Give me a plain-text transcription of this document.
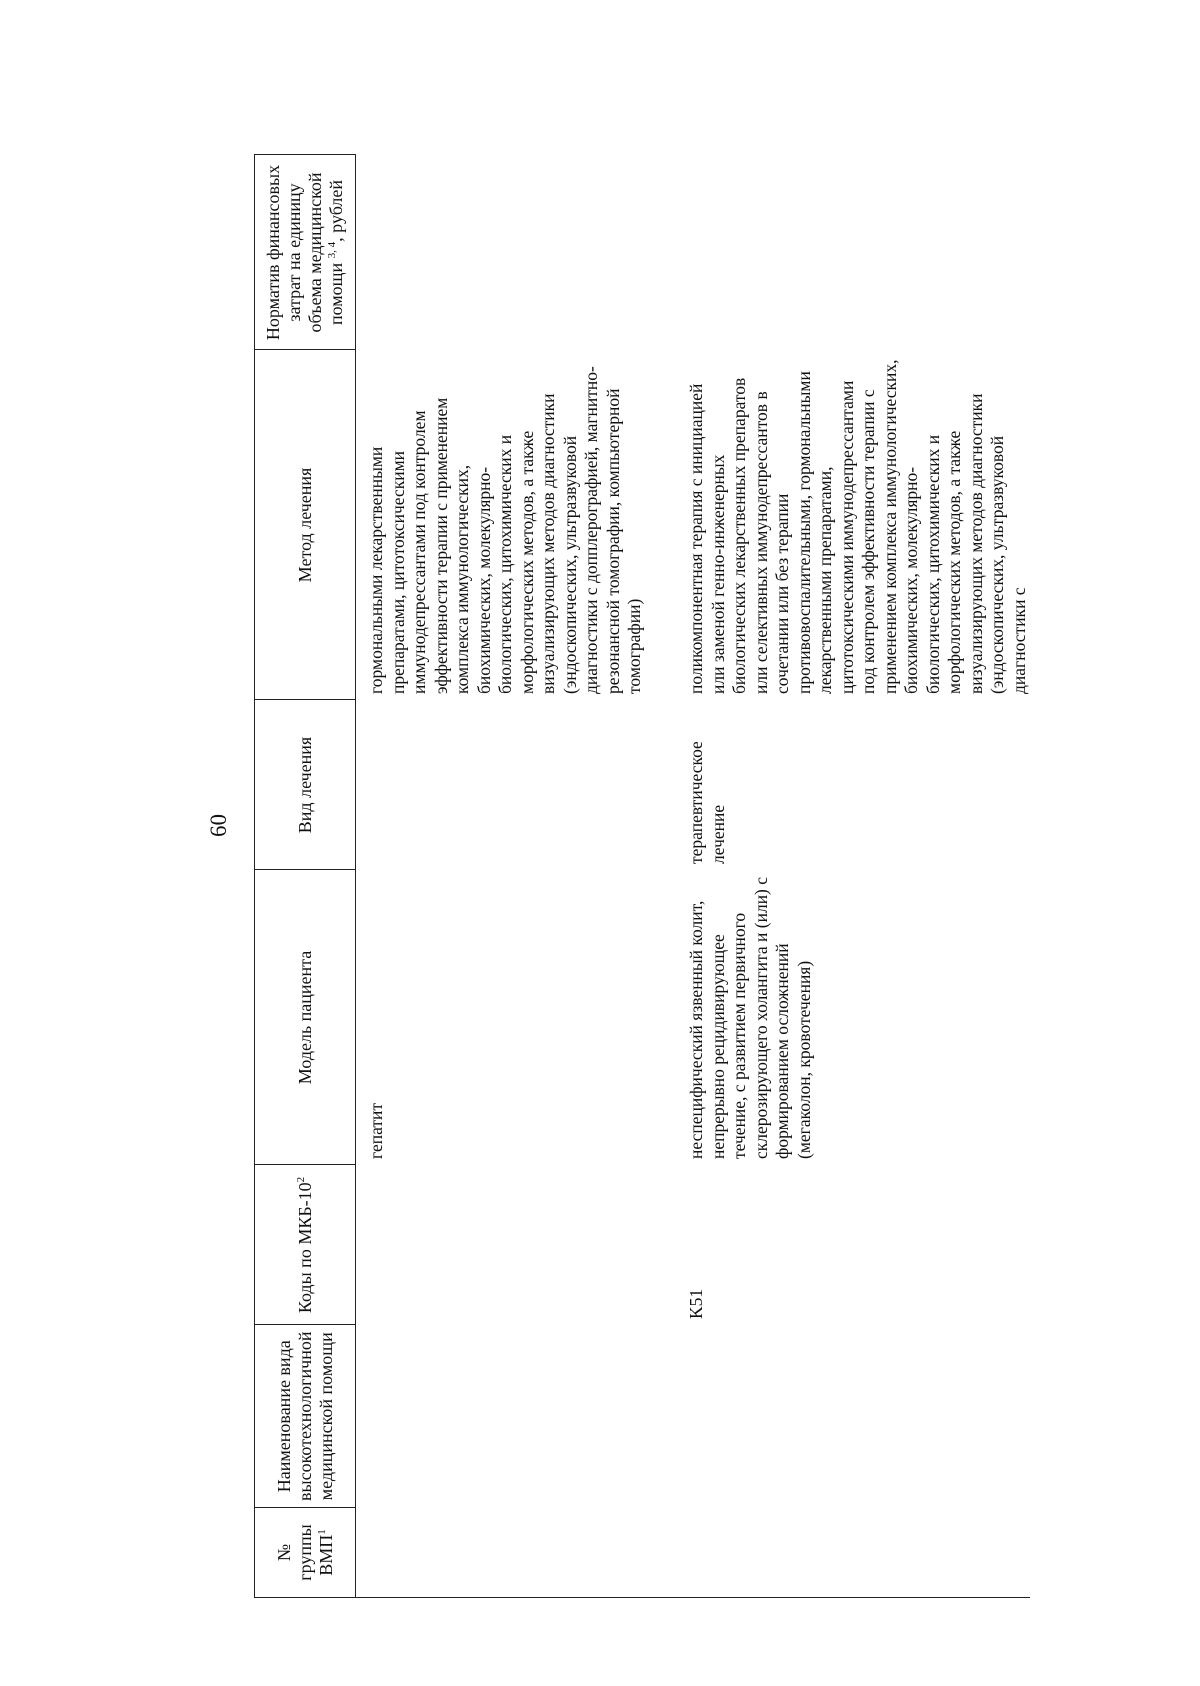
60
№ группы ВМП$^1$	Наименование вида высокотехнологичной медицинской помощи	Коды по МКБ-$10^2$	Модель пациента	Вид лечения	Метод лечения	Норматив финансовых затрат на единицу объема медицинской помощи $^{3, 4}$, рублей
			гепатит		гормональными лекарственными препаратами, цитотоксическими иммунодепрессантами под контролем эффективности терапии с применением комплекса иммунологических, биохимических, молекулярно-биологических, цитохимических и морфологических методов, а также визуализирующих методов диагностики (эндоскопических, ультразвуковой диагностики с допплерографией, магнитно-резонансной томографии, компьютерной томографии)	
		K51	неспецифический язвенный колит, непрерывно рецидивирующее течение, с развитием первичного склерозирующего холангита и (или) с формированием осложнений (мегаколон, кровотечения)	терапевтическое лечение	поликомпонентная терапия с инициацией или заменой генно-инженерных биологических лекарственных препаратов или селективных иммунодепрессантов в сочетании или без терапии противовоспалительными, гормональными лекарственными препаратами, цитотоксическими иммунодепрессантами под контролем эффективности терапии с применением комплекса иммунологических, биохимических, молекулярно-биологических, цитохимических и морфологических методов, а также визуализирующих методов диагностики (эндоскопических, ультразвуковой диагностики с	
